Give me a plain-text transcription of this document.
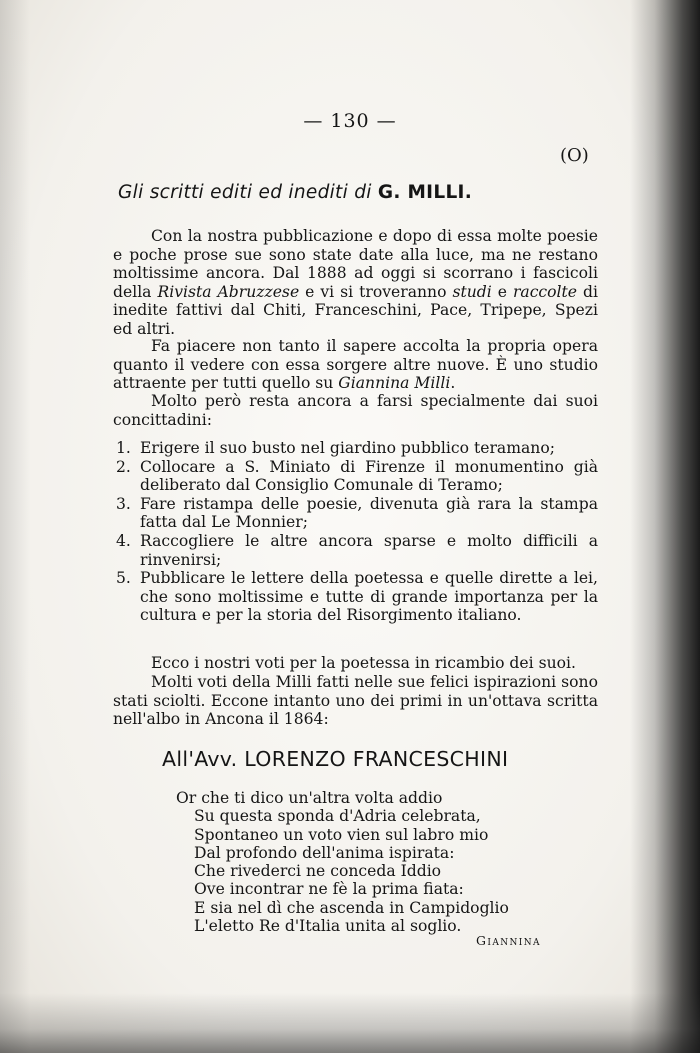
— 130 —
(O)
Gli scritti editi ed inediti di G. MILLI.
Con la nostra pubblicazione e dopo di essa molte poesie e poche prose sue sono state date alla luce, ma ne restano moltissime ancora. Dal 1888 ad oggi si scorrano i fascicoli della Rivista Abruzzese e vi si troveranno studi e raccolte di inedite fattivi dal Chiti, Franceschini, Pace, Tripepe, Spezi ed altri.
Fa piacere non tanto il sapere accolta la propria opera quanto il vedere con essa sorgere altre nuove. È uno studio attraente per tutti quello su Giannina Milli.
Molto però resta ancora a farsi specialmente dai suoi concittadini:
1. Erigere il suo busto nel giardino pubblico teramano;
2. Collocare a S. Miniato di Firenze il monumentino già deliberato dal Consiglio Comunale di Teramo;
3. Fare ristampa delle poesie, divenuta già rara la stampa fatta dal Le Monnier;
4. Raccogliere le altre ancora sparse e molto difficili a rinvenirsi;
5. Pubblicare le lettere della poetessa e quelle dirette a lei, che sono moltissime e tutte di grande importanza per la cultura e per la storia del Risorgimento italiano.
Ecco i nostri voti per la poetessa in ricambio dei suoi.
Molti voti della Milli fatti nelle sue felici ispirazioni sono stati sciolti. Eccone intanto uno dei primi in un'ottava scritta nell'albo in Ancona il 1864:
All'Avv. LORENZO FRANCESCHINI
Or che ti dico un'altra volta addio
Su questa sponda d'Adria celebrata,
Spontaneo un voto vien sul labro mio
Dal profondo dell'anima ispirata:
Che rivederci ne conceda Iddio
Ove incontrar ne fè la prima fiata:
E sia nel dì che ascenda in Campidoglio
L'eletto Re d'Italia unita al soglio.
Giannina
